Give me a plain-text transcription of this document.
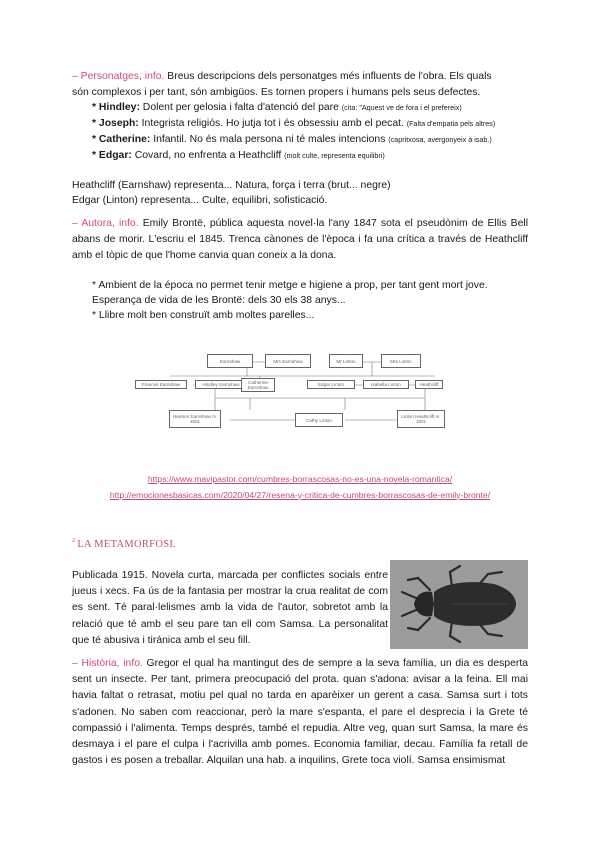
– Personatges, info. Breus descripcions dels personatges més influents de l'obra. Els quals
són complexos i per tant, són ambigüos. Es tornen propers i humans pels seus defectes.
* Hindley: Dolent per gelosia i falta d'atenció del pare (cita: "Aquest ve de fora i el prefereix)
* Joseph: Integrista religiós. Ho jutja tot i és obsessiu amb el pecat. (Falta d'empatia pels altres)
* Catherine: Infantil. No és mala persona ni té males intencions (capritxosa, avergonyeix a isab.)
* Edgar: Covard, no enfrenta a Heathcliff (molt culte, representa equilibri)
Heathcliff (Earnshaw) representa... Natura, força i terra (brut... negre)
Edgar (Linton) representa... Culte, equilibri, sofisticació.
– Autora, info. Emily Brontë, pública aquesta novel·la l'any 1847 sota el pseudònim de Ellis Bell abans de morir. L'escriu el 1845. Trenca cànones de l'època i fa una crítica a través de Heathcliff amb el tòpic de que l'home canvia quan coneix a la dona.
* Ambient de la época no permet tenir metge e higiene a prop, per tant gent mort jove.
Esperança de vida de les Brontë: dels 30 els 38 anys...
* Llibre molt ben construït amb moltes parelles...
Earnshaw	Mrs Earnshaw	Mr Linton	Mrs Linton
Frances Earnshaw	Hindley Earnshaw	Catherine Earnshaw
Edgar Linton	Isabella Linton	Heathcliff
Hareton Earnshaw m. 1801	Cathy Linton
Linton Heathcliff m. 1801
https://www.mavipastor.com/cumbres-borrascosas-no-es-una-novela-romantica/
http://emocionesbasicas.com/2020/04/27/resena-y-critica-de-cumbres-borrascosas-de-emily-bronte/
$^2$ LA METAMORFOSI.
Publicada 1915. Novela curta, marcada per conflictes socials entre jueus i xecs. Fa ús de la fantasia per mostrar la crua realitat de com es sent. Té paral·lelismes amb la vida de l'autor, sobretot amb la relació que té amb el seu pare tan ell com Samsa. La personalitat que té abusiva i tiránica amb el seu fill.
– Història, info. Gregor el qual ha mantingut des de sempre a la seva família, un dia es desperta sent un insecte. Per tant, primera preocupació del prota. quan s'adona: avisar a la feina. Ell mai havia faltat o retrasat, motiu pel qual no tarda en aparèixer un gerent a casa. Samsa surt i tots s'adonen. No saben com reaccionar, però la mare s'espanta, el pare el desprecia i la Grete té compassió i l'alimenta. Temps després, també el repudia. Altre veg, quan surt Samsa, la mare és desmaya i el pare el culpa i l'acrivilla amb pomes. Economia familiar, decau. Família fa retall de gastos i es posen a treballar. Alquilan una hab. a inquilins, Grete toca violí. Samsa ensimismat
